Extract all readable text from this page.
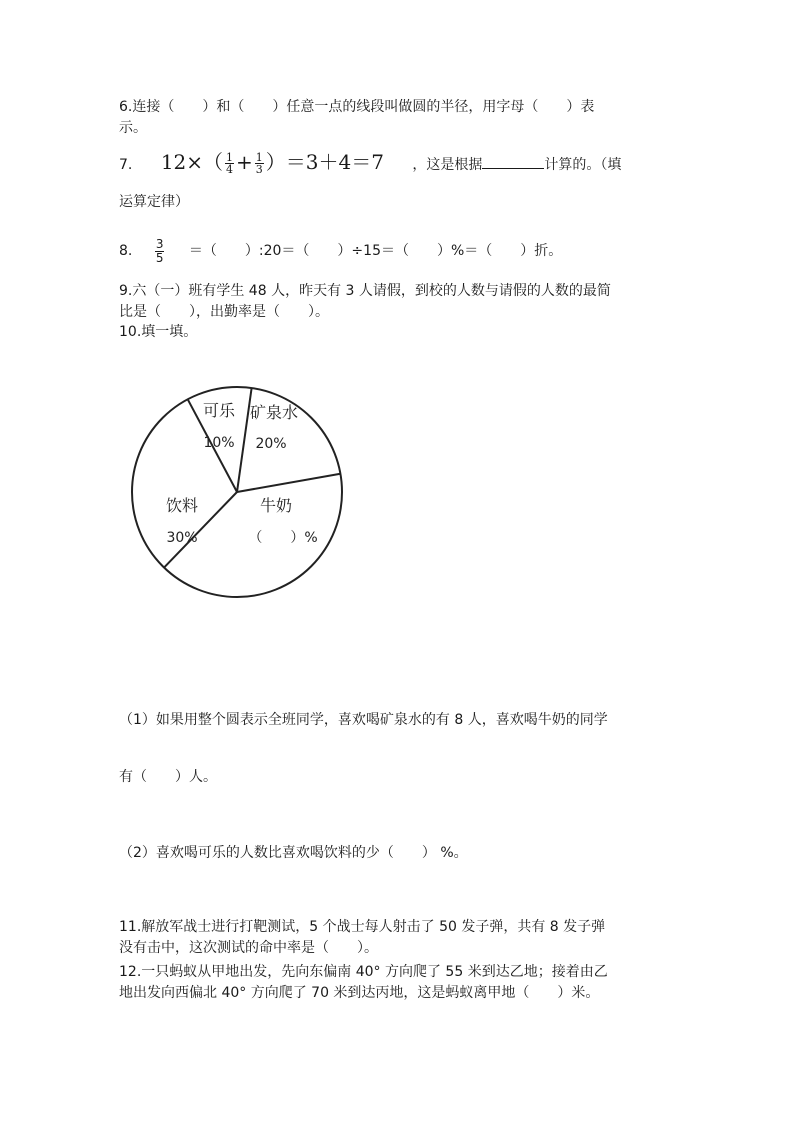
6.连接（　　）和（　　）任意一点的线段叫做圆的半径，用字母（　　）表
示。
7. $12\times( \frac{1}{4} + \frac{1}{3} )=3+4=7$ ，这是根据	计算的。（填
运算定律）
8. $\frac{3}{5}$ ＝（　　）:20＝（　　）÷15＝（　　）%＝（　　）折。
9.六（一）班有学生 48 人，昨天有 3 人请假，到校的人数与请假的人数的最简
比是（　　），出勤率是（　　）。
10.填一填。
可乐
10%
矿泉水
20%
牛奶
（　　）%
饮料
30%
（1）如果用整个圆表示全班同学，喜欢喝矿泉水的有 8 人，喜欢喝牛奶的同学
有（　　）人。
（2）喜欢喝可乐的人数比喜欢喝饮料的少（　　） %。
11.解放军战士进行打靶测试，5 个战士每人射击了 50 发子弹，共有 8 发子弹
没有击中，这次测试的命中率是（　　）。
12.一只蚂蚁从甲地出发，先向东偏南 40° 方向爬了 55 米到达乙地；接着由乙
地出发向西偏北 40° 方向爬了 70 米到达丙地，这是蚂蚁离甲地（　　）米。
